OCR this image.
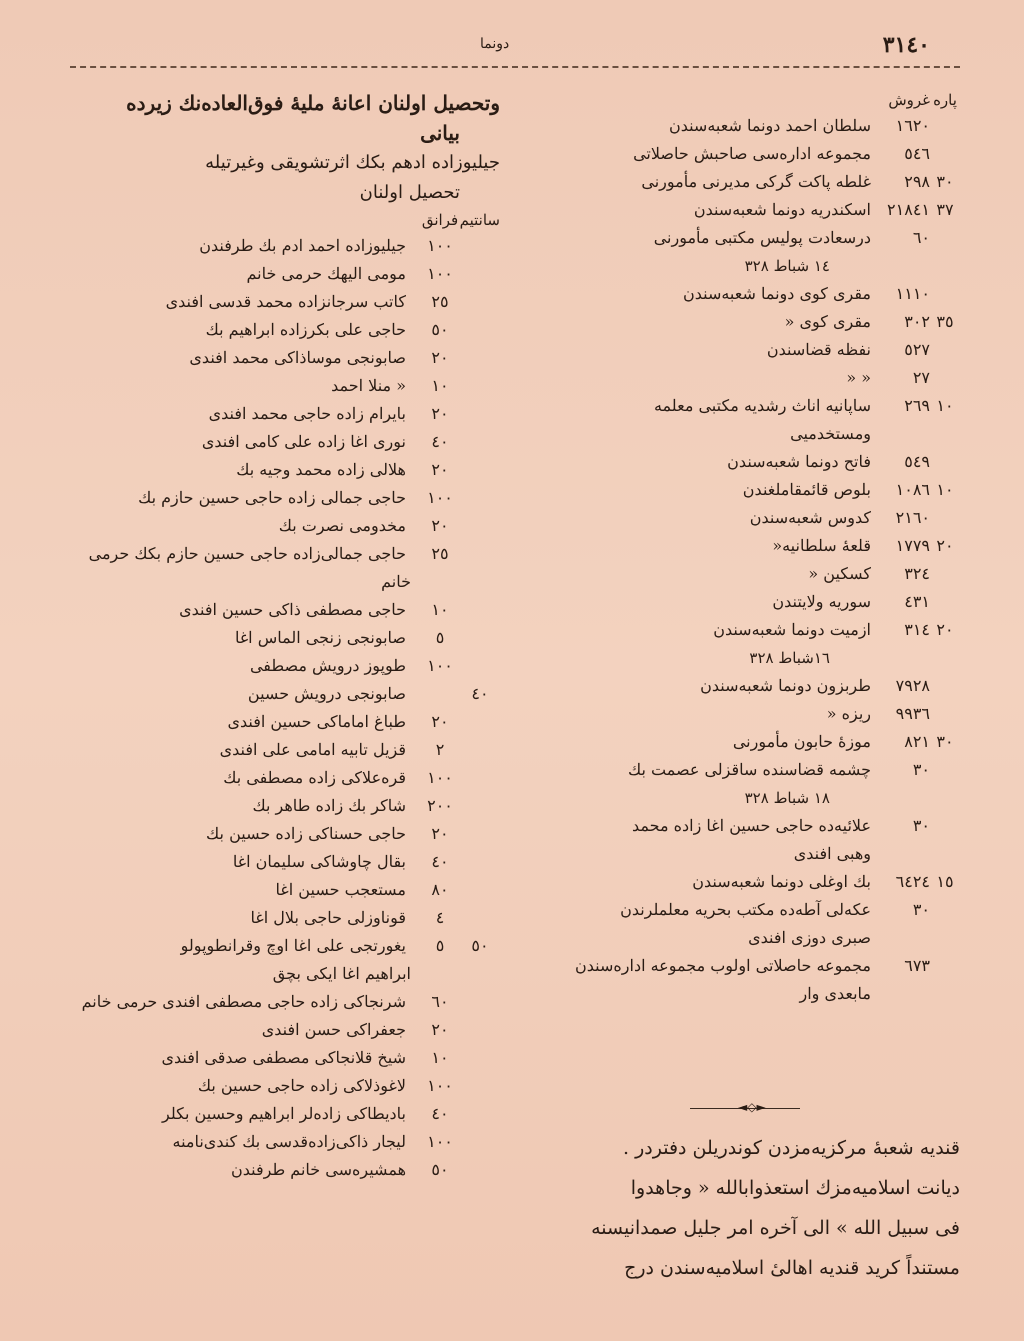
٣١٤٠
دونما
پاره
غروش
١٦٢٠
سلطان احمد دونما شعبه‌سندن
٥٤٦
مجموعه اداره‌سی صاحبش حاصلاتی
٣٠
٢٩٨
غلطه پاکت گرکی مدیرنی مأمورنی
٣٧
٢١٨٤١
اسکندریه دونما شعبه‌سندن
٦٠
درسعادت پولیس مکتبی مأمورنی
١٤ شباط ٣٢٨
١١١٠
مقری کوی دونما شعبه‌سندن
٣٥
٣٠٢
مقری کوی «
٥٢٧
نفظه قضاسندن
٢٧
« «
١٠
٢٦٩
ساپانیه اناث رشدیه مکتبی معلمه
ومستخدمیی
٥٤٩
فاتح دونما شعبه‌سندن
١٠
١٠٨٦
بلوص قائمقاملغندن
٢١٦٠
کدوس شعبه‌سندن
٢٠
١٧٧٩
قلعهٔ سلطانیه«
٣٢٤
کسکین «
٤٣١
سوریه ولایتندن
٢٠
٣١٤
ازمیت دونما شعبه‌سندن
١٦شباط ٣٢٨
٧٩٢٨
طربزون دونما شعبه‌سندن
٩٩٣٦
ریزه «
٣٠
٨٢١
موزهٔ حابون مأمورنی
٣٠
چشمه قضاسنده ساقزلی عصمت بك
١٨ شباط ٣٢٨
٣٠
علائیه‌ده حاجی حسین اغا زاده محمد
وهبی افندی
١٥
٦٤٢٤
بك اوغلی دونما شعبه‌سندن
٣٠
عکه‌لی آطه‌ده مکتب بحریه معلملرندن
صبری دوزی افندی
٦٧٣
مجموعه حاصلاتی اولوب مجموعه اداره‌سندن
مابعدی وار
◄◇►
قندیه شعبهٔ مرکزیه‌مزدن کوندریلن دفتردر .
دیانت اسلامیه‌مزك استعذوابالله « وجاهدوا
فی سبیل الله » الی آخره امر جلیل صمدانیسنه
مستنداً کرید قندیه اهالیٔ اسلامیه‌سندن درج
وتحصیل اولنان اعانهٔ ملیهٔ فوق‌العاده‌نك زیرده
بیانی
جیلیوزاده ادهم بکك اثرتشویقی وغیرتیله
تحصیل اولنان
سانتیم
فرانق
١٠٠
جیلیوزاده احمد ادم بك طرفندن
١٠٠
مومی الیهك حرمی خانم
٢٥
کاتب سرجانزاده محمد قدسی افندی
٥٠
حاجی علی بکرزاده ابراهیم بك
٢٠
صابونجی موساذاکی محمد افندی
١٠
« منلا احمد
٢٠
بایرام زاده حاجی محمد افندی
٤٠
نوری اغا زاده علی کامی افندی
٢٠
هلالی زاده محمد وجیه بك
١٠٠
حاجی جمالی زاده حاجی حسین حازم بك
٢٠
مخدومی نصرت بك
٢٥
حاجی جمالی‌زاده حاجی حسین حازم بکك حرمی
خانم
١٠
حاجی مصطفی ذاکی حسین افندی
٥
صابونجی زنجی الماس اغا
١٠٠
طوپوز درویش مصطفی
٤٠
صابونجی درویش حسین
٢٠
طباغ اماماکی حسین افندی
٢
قزیل تابیه امامی علی افندی
١٠٠
قره‌علاکی زاده مصطفی بك
٢٠٠
شاکر بك زاده طاهر بك
٢٠
حاجی حسناکی زاده حسین بك
٤٠
بقال چاوشاکی سلیمان اغا
٨٠
مستعجب حسین اغا
٤
قوناوزلی حاجی بلال اغا
٥٠
٥
یغورتجی علی اغا اوچ وقرانطوپولو
ابراهیم اغا ایکی بچق
٦٠
شرنجاکی زاده حاجی مصطفی افندی حرمی خانم
٢٠
جعفراکی حسن افندی
١٠
شیخ قلانجاکی مصطفی صدقی افندی
١٠٠
لاغوذلاکی زاده حاجی حسین بك
٤٠
بادیطاکی زاده‌لر ابراهیم وحسین بکلر
١٠٠
لیجار ذاکی‌زاده‌قدسی بك کندی‌نامنه
٥٠
همشیره‌سی خانم طرفندن
